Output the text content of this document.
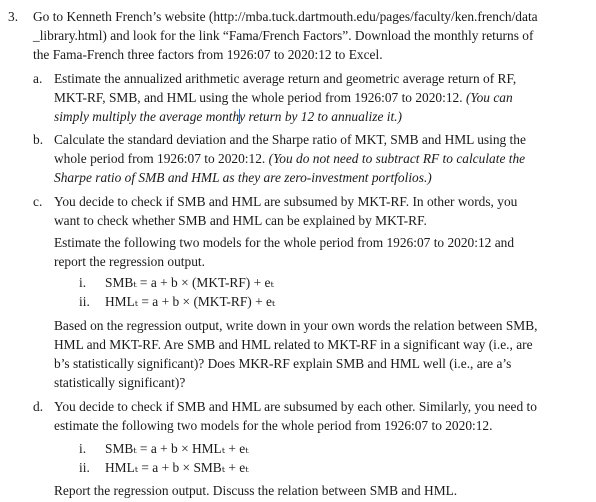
3. Go to Kenneth French’s website (http://mba.tuck.dartmouth.edu/pages/faculty/ken.french/data
_library.html) and look for the link “Fama/French Factors”. Download the monthly returns of
the Fama-French three factors from 1926:07 to 2020:12 to Excel.
a. Estimate the annualized arithmetic average return and geometric average return of RF,
MKT-RF, SMB, and HML using the whole period from 1926:07 to 2020:12. (You can
simply multiply the average monthy return by 12 to annualize it.)
b. Calculate the standard deviation and the Sharpe ratio of MKT, SMB and HML using the
whole period from 1926:07 to 2020:12. (You do not need to subtract RF to calculate the
Sharpe ratio of SMB and HML as they are zero-investment portfolios.)
c. You decide to check if SMB and HML are subsumed by MKT-RF. In other words, you
want to check whether SMB and HML can be explained by MKT-RF.
Estimate the following two models for the whole period from 1926:07 to 2020:12 and
report the regression output.
i. SMBₜ = a + b × (MKT-RF) + eₜ
ii. HMLₜ = a + b × (MKT-RF) + eₜ
Based on the regression output, write down in your own words the relation between SMB,
HML and MKT-RF. Are SMB and HML related to MKT-RF in a significant way (i.e., are
b’s statistically significant)? Does MKR-RF explain SMB and HML well (i.e., are a’s
statistically significant)?
d. You decide to check if SMB and HML are subsumed by each other. Similarly, you need to
estimate the following two models for the whole period from 1926:07 to 2020:12.
i. SMBₜ = a + b × HMLₜ + eₜ
ii. HMLₜ = a + b × SMBₜ + eₜ
Report the regression output. Discuss the relation between SMB and HML.
